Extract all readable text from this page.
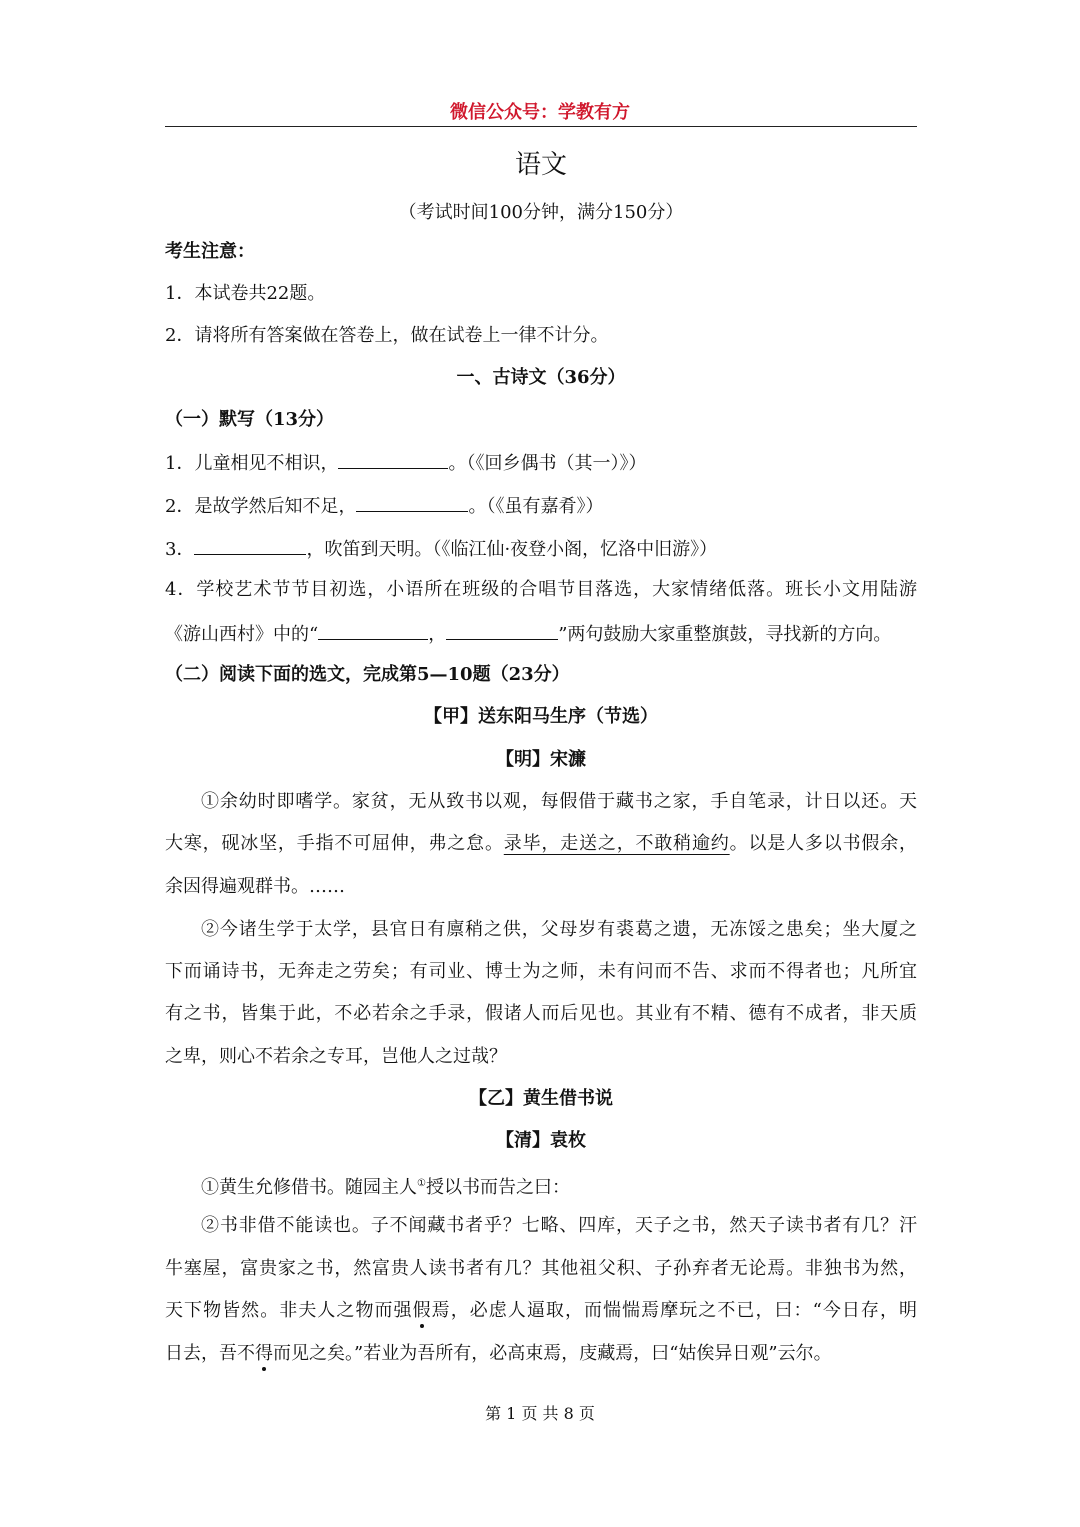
微信公众号：学教有方
语文
（考试时间100分钟，满分150分）
考生注意：
1．本试卷共22题。
2．请将所有答案做在答卷上，做在试卷上一律不计分。
一、古诗文（36分）
（一）默写（13分）
1．儿童相见不相识，	。（《回乡偶书（其一）》）
2．是故学然后知不足，	。（《虽有嘉肴》）
3．	，吹笛到天明。（《临江仙·夜登小阁，忆洛中旧游》）
4．学校艺术节节目初选，小语所在班级的合唱节目落选，大家情绪低落。班长小文用陆游
《游山西村》中的“	，	”两句鼓励大家重整旗鼓，寻找新的方向。
（二）阅读下面的选文，完成第5—10题（23分）
【甲】送东阳马生序（节选）
【明】宋濂
①余幼时即嗜学。家贫，无从致书以观，每假借于藏书之家，手自笔录，计日以还。天
大寒，砚冰坚，手指不可屈伸，弗之怠。录毕，走送之，不敢稍逾约。以是人多以书假余，
余因得遍观群书。……
②今诸生学于太学，县官日有廪稍之供，父母岁有裘葛之遗，无冻馁之患矣；坐大厦之
下而诵诗书，无奔走之劳矣；有司业、博士为之师，未有问而不告、求而不得者也；凡所宜
有之书，皆集于此，不必若余之手录，假诸人而后见也。其业有不精、德有不成者，非天质
之卑，则心不若余之专耳，岂他人之过哉？
【乙】黄生借书说
【清】袁枚
①黄生允修借书。随园主人①授以书而告之曰：
②书非借不能读也。子不闻藏书者乎？七略、四库，天子之书，然天子读书者有几？汗
牛塞屋，富贵家之书，然富贵人读书者有几？其他祖父积、子孙弃者无论焉。非独书为然，
天下物皆然。非夫人之物而强假焉，必虑人逼取，而惴惴焉摩玩之不已，曰：“今日存，明
日去，吾不得而见之矣。”若业为吾所有，必高束焉，庋藏焉，曰“姑俟异日观”云尔。
第 1 页 共 8 页
